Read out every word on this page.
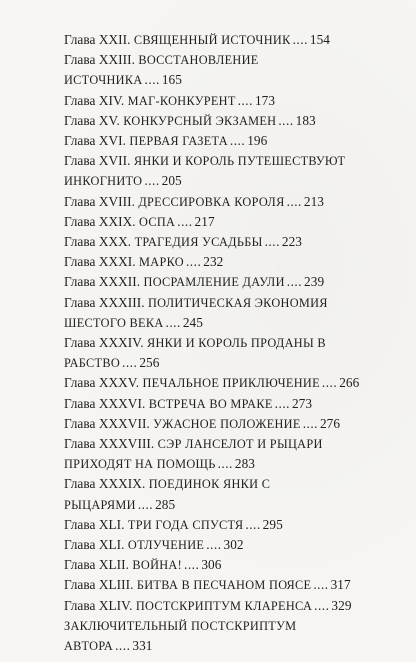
Глава XXII. СВЯЩЕННЫЙ ИСТОЧНИК .... 154
Глава XXIII. ВОССТАНОВЛЕНИЕ ИСТОЧНИКА .... 165
Глава XIV. МАГ-КОНКУРЕНТ .... 173
Глава XV. КОНКУРСНЫЙ ЭКЗАМЕН .... 183
Глава XVI. ПЕРВАЯ ГАЗЕТА .... 196
Глава XVII. ЯНКИ И КОРОЛЬ ПУТЕШЕСТВУЮТ ИНКОГНИТО .... 205
Глава XVIII. ДРЕССИРОВКА КОРОЛЯ .... 213
Глава XXIX. ОСПА .... 217
Глава XXX. ТРАГЕДИЯ УСАДЬБЫ .... 223
Глава XXXI. МАРКО .... 232
Глава XXXII. ПОСРАМЛЕНИЕ ДАУЛИ .... 239
Глава XXXIII. ПОЛИТИЧЕСКАЯ ЭКОНОМИЯ ШЕСТОГО ВЕКА .... 245
Глава XXXIV. ЯНКИ И КОРОЛЬ ПРОДАНЫ В РАБСТВО .... 256
Глава XXXV. ПЕЧАЛЬНОЕ ПРИКЛЮЧЕНИЕ .... 266
Глава XXXVI. ВСТРЕЧА ВО МРАКЕ .... 273
Глава XXXVII. УЖАСНОЕ ПОЛОЖЕНИЕ .... 276
Глава XXXVIII. СЭР ЛАНСЕЛОТ И РЫЦАРИ ПРИХОДЯТ НА ПОМОЩЬ .... 283
Глава XXXIX. ПОЕДИНОК ЯНКИ С РЫЦАРЯМИ .... 285
Глава XLI. ТРИ ГОДА СПУСТЯ .... 295
Глава XLI. ОТЛУЧЕНИЕ .... 302
Глава XLII. ВОЙНА! .... 306
Глава XLIII. БИТВА В ПЕСЧАНОМ ПОЯСЕ .... 317
Глава XLIV. ПОСТСКРИПТУМ КЛАРЕНСА .... 329
ЗАКЛЮЧИТЕЛЬНЫЙ ПОСТСКРИПТУМ АВТОРА .... 331
